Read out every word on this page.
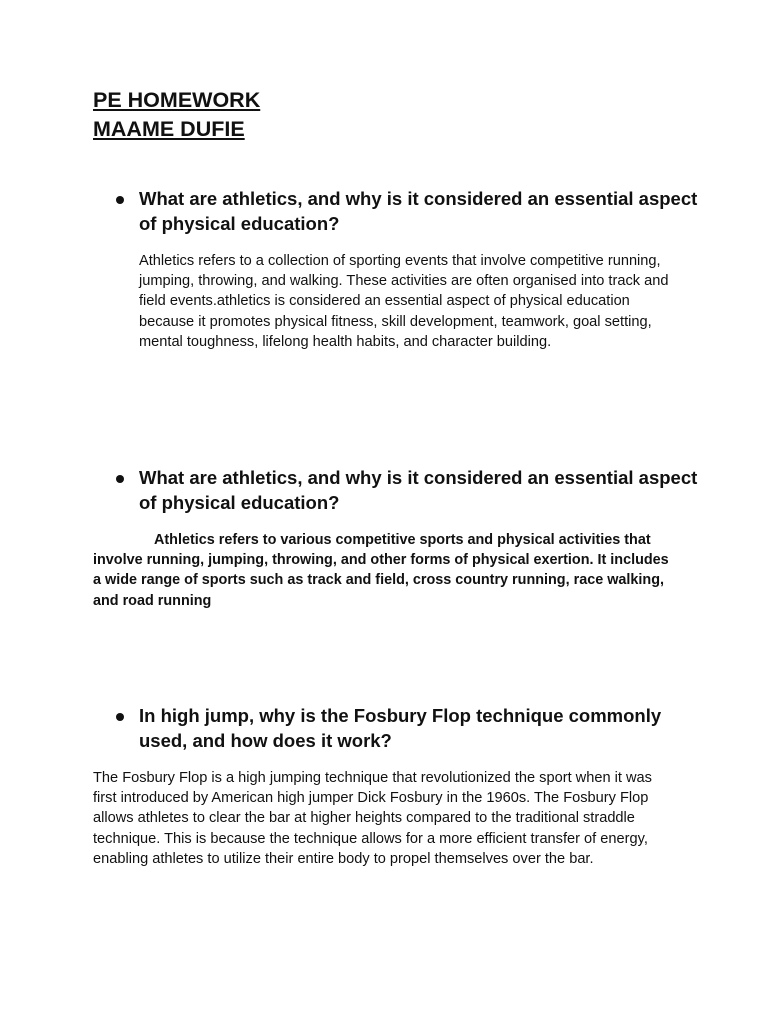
PE HOMEWORK
MAAME DUFIE
What are athletics, and why is it considered an essential aspect of physical education?

Athletics refers to a collection of sporting events that involve competitive running, jumping, throwing, and walking. These activities are often organised into track and field events.athletics is considered an essential aspect of physical education because it promotes physical fitness, skill development, teamwork, goal setting, mental toughness, lifelong health habits, and character building.

What are athletics, and why is it considered an essential aspect of physical education?

Athletics refers to various competitive sports and physical activities that involve running, jumping, throwing, and other forms of physical exertion. It includes a wide range of sports such as track and field, cross country running, race walking, and road running

In high jump, why is the Fosbury Flop technique commonly used, and how does it work?

The Fosbury Flop is a high jumping technique that revolutionized the sport when it was first introduced by American high jumper Dick Fosbury in the 1960s. The Fosbury Flop allows athletes to clear the bar at higher heights compared to the traditional straddle technique. This is because the technique allows for a more efficient transfer of energy, enabling athletes to utilize their entire body to propel themselves over the bar.
